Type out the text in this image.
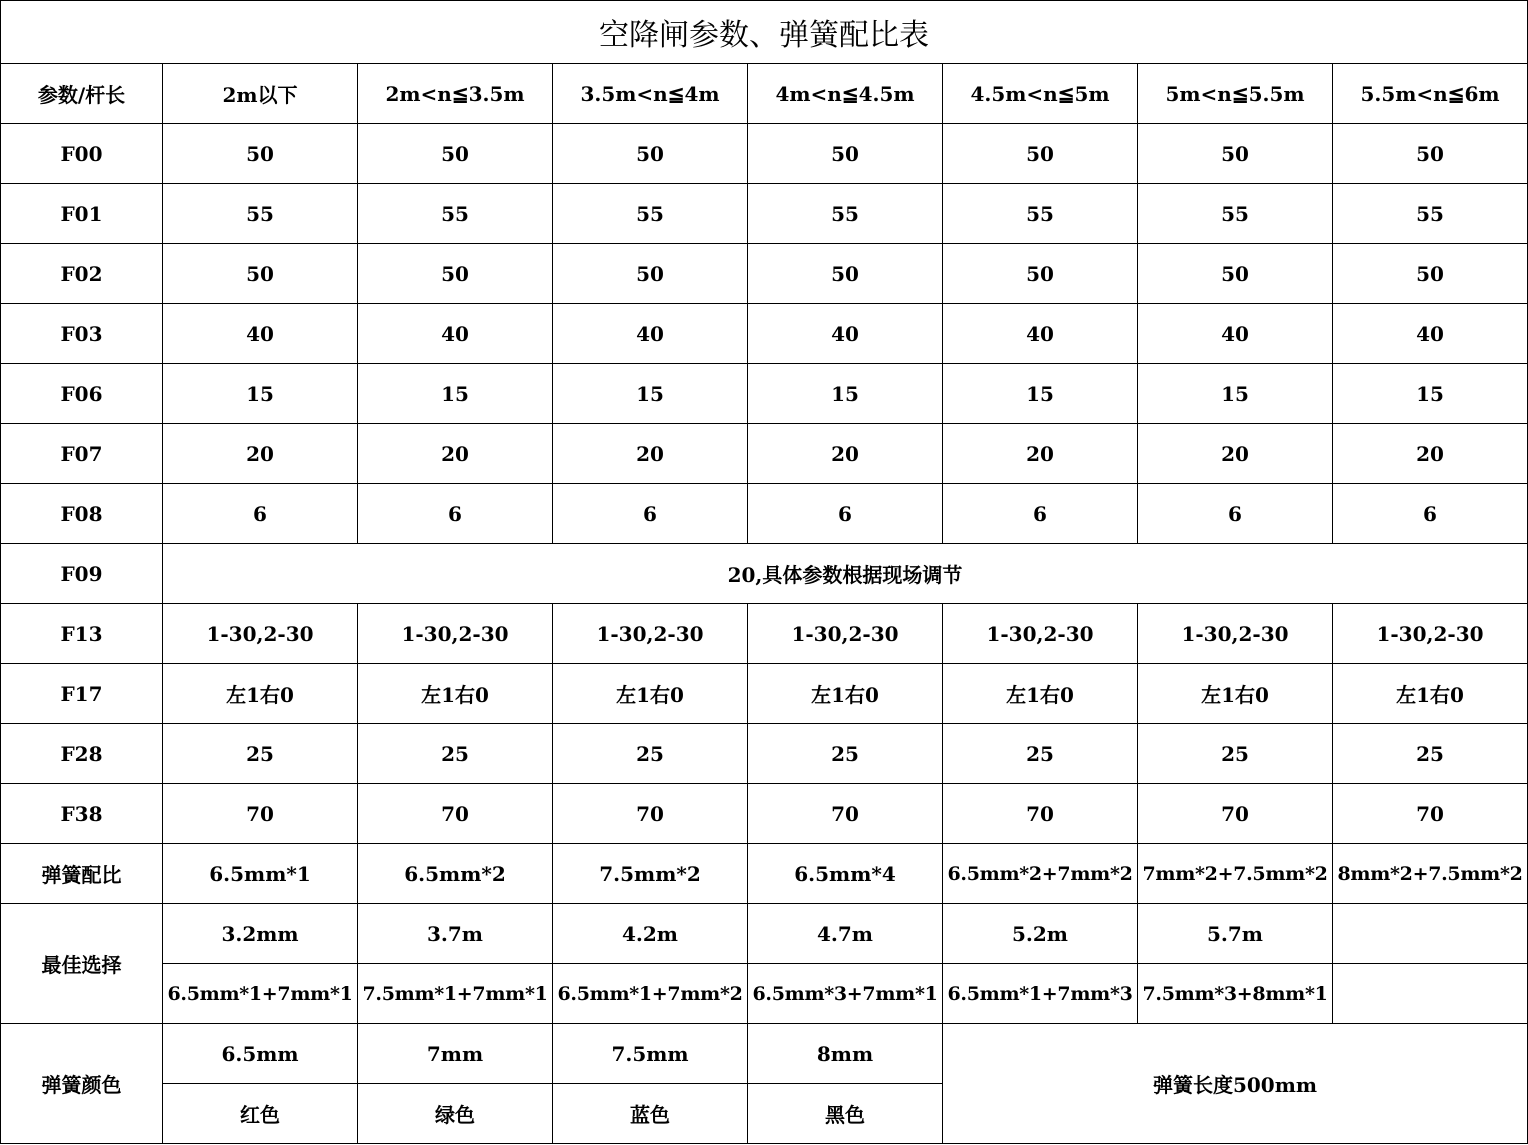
空降闸参数、弹簧配比表							
参数/杆长	2m以下	2m<n≦3.5m	3.5m<n≦4m	4m<n≦4.5m	4.5m<n≦5m	5m<n≦5.5m	5.5m<n≦6m
F00	50	50	50	50	50	50	50
F01	55	55	55	55	55	55	55
F02	50	50	50	50	50	50	50
F03	40	40	40	40	40	40	40
F06	15	15	15	15	15	15	15
F07	20	20	20	20	20	20	20
F08	6	6	6	6	6	6	6
F09	20,具体参数根据现场调节						
F13	1-30,2-30	1-30,2-30	1-30,2-30	1-30,2-30	1-30,2-30	1-30,2-30	1-30,2-30
F17	左1右0	左1右0	左1右0	左1右0	左1右0	左1右0	左1右0
F28	25	25	25	25	25	25	25
F38	70	70	70	70	70	70	70
弹簧配比	6.5mm*1	6.5mm*2	7.5mm*2	6.5mm*4	6.5mm*2+7mm*2	7mm*2+7.5mm*2	8mm*2+7.5mm*2
最佳选择	3.2mm	3.7m	4.2m	4.7m	5.2m	5.7m	
	6.5mm*1+7mm*1	7.5mm*1+7mm*1	6.5mm*1+7mm*2	6.5mm*3+7mm*1	6.5mm*1+7mm*3	7.5mm*3+8mm*1	
弹簧颜色	6.5mm	7mm	7.5mm	8mm	弹簧长度500mm		
	红色	绿色	蓝色	黑色			
